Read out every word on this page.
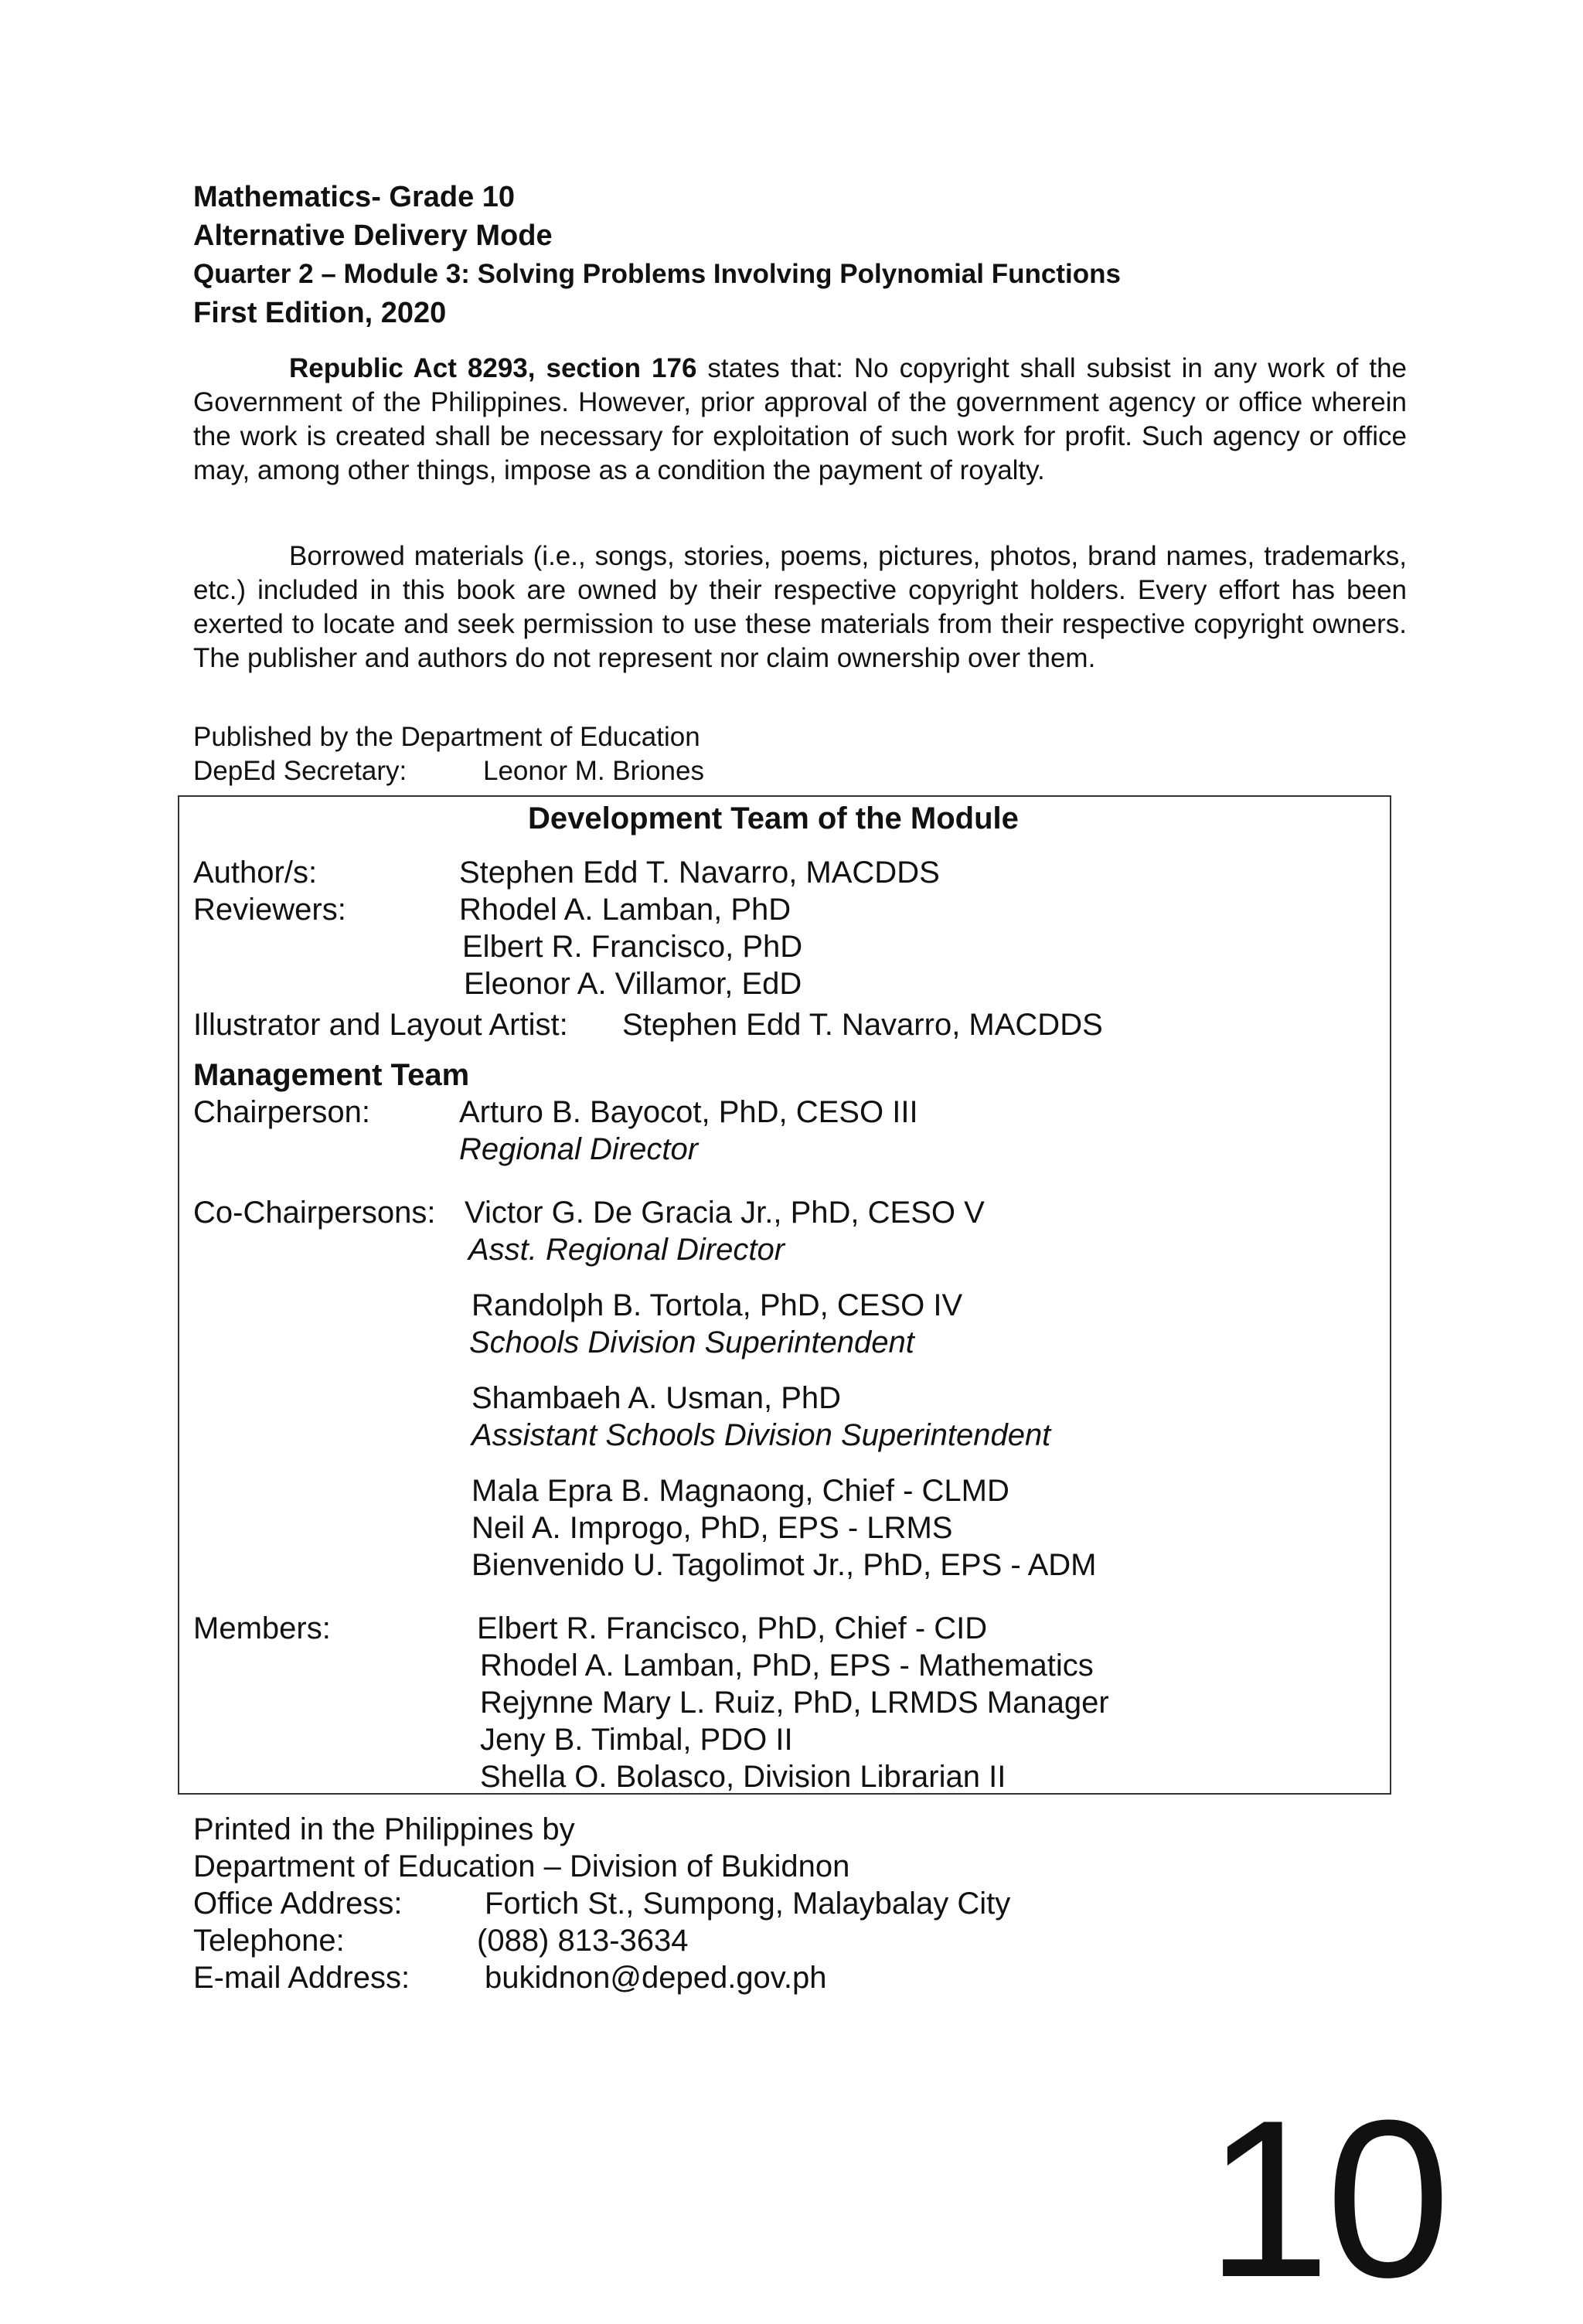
Mathematics- Grade 10
Alternative Delivery Mode
Quarter 2 – Module 3: Solving Problems Involving Polynomial Functions
First Edition, 2020
Republic Act 8293, section 176 states that: No copyright shall subsist in any work of the Government of the Philippines. However, prior approval of the government agency or office wherein the work is created shall be necessary for exploitation of such work for profit. Such agency or office may, among other things, impose as a condition the payment of royalty.
Borrowed materials (i.e., songs, stories, poems, pictures, photos, brand names, trademarks, etc.) included in this book are owned by their respective copyright holders. Every effort has been exerted to locate and seek permission to use these materials from their respective copyright owners. The publisher and authors do not represent nor claim ownership over them.
Published by the Department of Education
DepEd Secretary:	Leonor M. Briones
Development Team of the Module
Author/s:	Stephen Edd T. Navarro, MACDDS
Reviewers:	Rhodel A. Lamban, PhD
Elbert R. Francisco, PhD
Eleonor A. Villamor, EdD
Illustrator and Layout Artist: Stephen Edd T. Navarro, MACDDS
Management Team
Chairperson:	Arturo B. Bayocot, PhD, CESO III
Regional Director
Co-Chairpersons: Victor G. De Gracia Jr., PhD, CESO V
Asst. Regional Director
Randolph B. Tortola, PhD, CESO IV
Schools Division Superintendent
Shambaeh A. Usman, PhD
Assistant Schools Division Superintendent
Mala Epra B. Magnaong, Chief - CLMD
Neil A. Improgo, PhD, EPS - LRMS
Bienvenido U. Tagolimot Jr., PhD, EPS - ADM
Members:	Elbert R. Francisco, PhD, Chief - CID
Rhodel A. Lamban, PhD, EPS - Mathematics
Rejynne Mary L. Ruiz, PhD, LRMDS Manager
Jeny B. Timbal, PDO II
Shella O. Bolasco, Division Librarian II
Printed in the Philippines by
Department of Education – Division of Bukidnon
Office Address:	Fortich St., Sumpong, Malaybalay City
Telephone:	(088) 813-3634
E-mail Address: bukidnon@deped.gov.ph
10
